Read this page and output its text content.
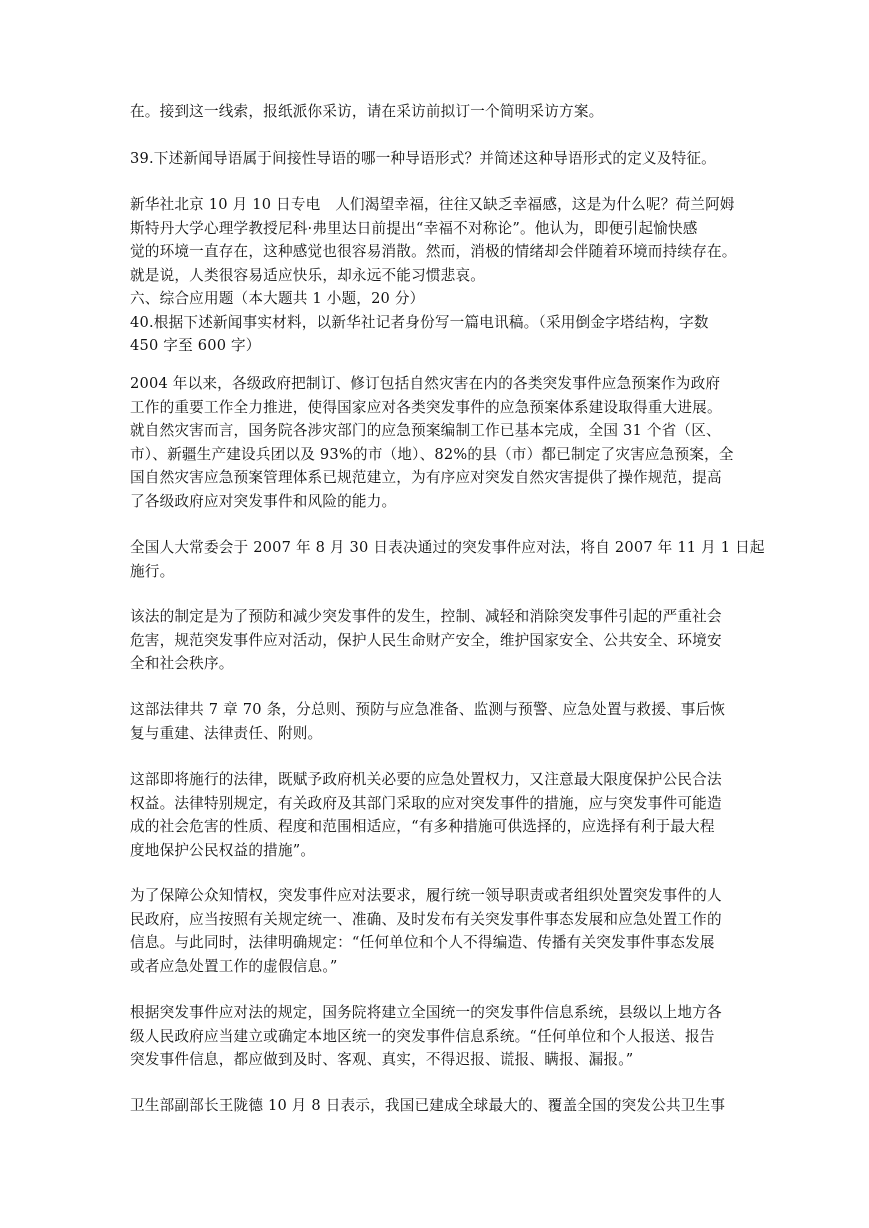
在。接到这一线索，报纸派你采访，请在采访前拟订一个简明采访方案。
39.下述新闻导语属于间接性导语的哪一种导语形式？并简述这种导语形式的定义及特征。
新华社北京 10 月 10 日专电　人们渴望幸福，往往又缺乏幸福感，这是为什么呢？荷兰阿姆
斯特丹大学心理学教授尼科·弗里达日前提出“幸福不对称论”。他认为，即便引起愉快感
觉的环境一直存在，这种感觉也很容易消散。然而，消极的情绪却会伴随着环境而持续存在。
就是说，人类很容易适应快乐，却永远不能习惯悲哀。
六、综合应用题（本大题共 1 小题，20 分）
40.根据下述新闻事实材料，以新华社记者身份写一篇电讯稿。（采用倒金字塔结构，字数
450 字至 600 字）
2004 年以来，各级政府把制订、修订包括自然灾害在内的各类突发事件应急预案作为政府
工作的重要工作全力推进，使得国家应对各类突发事件的应急预案体系建设取得重大进展。
就自然灾害而言，国务院各涉灾部门的应急预案编制工作已基本完成，全国 31 个省（区、
市）、新疆生产建设兵团以及 93%的市（地）、82%的县（市）都已制定了灾害应急预案，全
国自然灾害应急预案管理体系已规范建立，为有序应对突发自然灾害提供了操作规范，提高
了各级政府应对突发事件和风险的能力。
全国人大常委会于 2007 年 8 月 30 日表决通过的突发事件应对法，将自 2007 年 11 月 1 日起
施行。
该法的制定是为了预防和减少突发事件的发生，控制、减轻和消除突发事件引起的严重社会
危害，规范突发事件应对活动，保护人民生命财产安全，维护国家安全、公共安全、环境安
全和社会秩序。
这部法律共 7 章 70 条，分总则、预防与应急准备、监测与预警、应急处置与救援、事后恢
复与重建、法律责任、附则。
这部即将施行的法律，既赋予政府机关必要的应急处置权力，又注意最大限度保护公民合法
权益。法律特别规定，有关政府及其部门采取的应对突发事件的措施，应与突发事件可能造
成的社会危害的性质、程度和范围相适应，“有多种措施可供选择的，应选择有利于最大程
度地保护公民权益的措施”。
为了保障公众知情权，突发事件应对法要求，履行统一领导职责或者组织处置突发事件的人
民政府，应当按照有关规定统一、准确、及时发布有关突发事件事态发展和应急处置工作的
信息。与此同时，法律明确规定：“任何单位和个人不得编造、传播有关突发事件事态发展
或者应急处置工作的虚假信息。”
根据突发事件应对法的规定，国务院将建立全国统一的突发事件信息系统，县级以上地方各
级人民政府应当建立或确定本地区统一的突发事件信息系统。“任何单位和个人报送、报告
突发事件信息，都应做到及时、客观、真实，不得迟报、谎报、瞒报、漏报。”
卫生部副部长王陇德 10 月 8 日表示，我国已建成全球最大的、覆盖全国的突发公共卫生事
